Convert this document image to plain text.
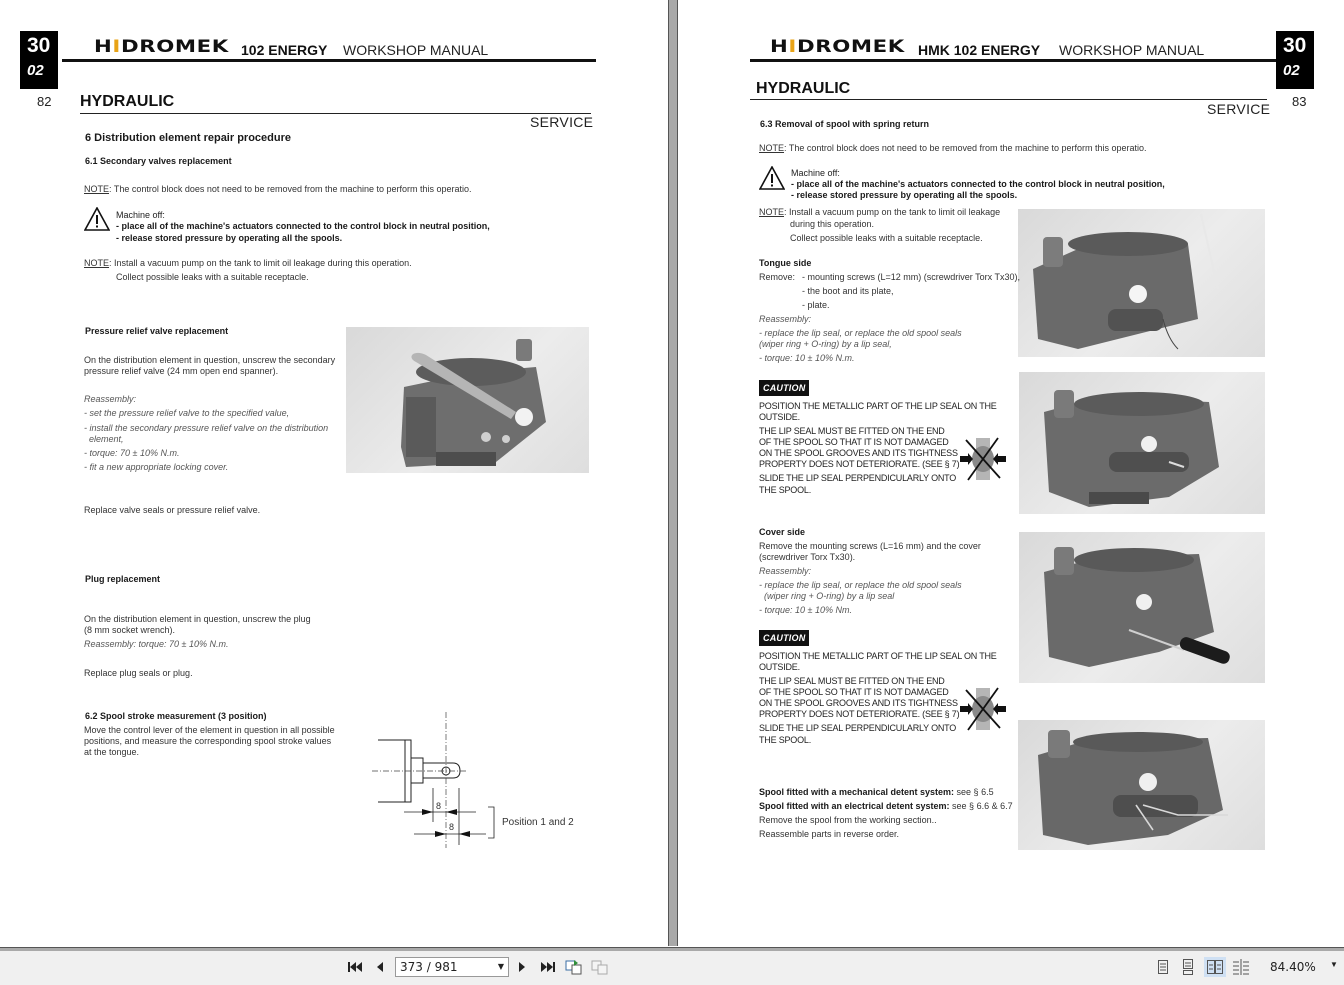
30
02
82
HIDROMEK 102 ENERGY WORKSHOP MANUAL
HYDRAULIC
SERVICE
6 Distribution element repair procedure
6.1 Secondary valves replacement
NOTE: The control block does not need to be removed from the machine to perform this operatio.
Machine off:
- place all of the machine's actuators connected to the control block in neutral position,
- release stored pressure by operating all the spools.
NOTE: Install a vacuum pump on the tank to limit oil leakage during this operation.
Collect possible leaks with a suitable receptacle.
Pressure relief valve replacement
On the distribution element in question, unscrew the secondary
pressure relief valve (24 mm open end spanner).
Reassembly:
- set the pressure relief valve to the specified value,
- install the secondary pressure relief valve on the distribution
element,
- torque: 70 ± 10% N.m.
- fit a new appropriate locking cover.
Replace valve seals or pressure relief valve.
Plug replacement
On the distribution element in question, unscrew the plug
(8 mm socket wrench).
Reassembly: torque: 70 ± 10% N.m.
Replace plug seals or plug.
6.2 Spool stroke measurement (3 position)
Move the control lever of the element in question in all possible
positions, and measure the corresponding spool stroke values
at the tongue.
8
8	Position 1 and 2
HIDROMEK HMK 102 ENERGY WORKSHOP MANUAL	30
02
83
HYDRAULIC
SERVICE
6.3 Removal of spool with spring return
NOTE: The control block does not need to be removed from the machine to perform this operatio.
Machine off:
- place all of the machine's actuators connected to the control block in neutral position,
- release stored pressure by operating all the spools.
NOTE: Install a vacuum pump on the tank to limit oil leakage
during this operation.
Collect possible leaks with a suitable receptacle.
Tongue side
Remove: - mounting screws (L=12 mm) (screwdriver Torx Tx30),
- the boot and its plate,
- plate.
Reassembly:
- replace the lip seal, or replace the old spool seals
(wiper ring + O-ring) by a lip seal,
- torque: 10 ± 10% N.m.
CAUTION
POSITION THE METALLIC PART OF THE LIP SEAL ON THE
OUTSIDE.
THE LIP SEAL MUST BE FITTED ON THE END
OF THE SPOOL SO THAT IT IS NOT DAMAGED
ON THE SPOOL GROOVES AND ITS TIGHTNESS
PROPERTY DOES NOT DETERIORATE. (SEE § 7)
SLIDE THE LIP SEAL PERPENDICULARLY ONTO
THE SPOOL.
Cover side
Remove the mounting screws (L=16 mm) and the cover
(screwdriver Torx Tx30).
Reassembly:
- replace the lip seal, or replace the old spool seals
(wiper ring + O-ring) by a lip seal
- torque: 10 ± 10% Nm.
CAUTION
POSITION THE METALLIC PART OF THE LIP SEAL ON THE
OUTSIDE.
THE LIP SEAL MUST BE FITTED ON THE END
OF THE SPOOL SO THAT IT IS NOT DAMAGED
ON THE SPOOL GROOVES AND ITS TIGHTNESS
PROPERTY DOES NOT DETERIORATE. (SEE § 7)
SLIDE THE LIP SEAL PERPENDICULARLY ONTO
THE SPOOL.
Spool fitted with a mechanical detent system: see § 6.5
Spool fitted with an electrical detent system: see § 6.6 & 6.7
Remove the spool from the working section..
Reassemble parts in reverse order.
373 / 981	▼	84.40% ▼
